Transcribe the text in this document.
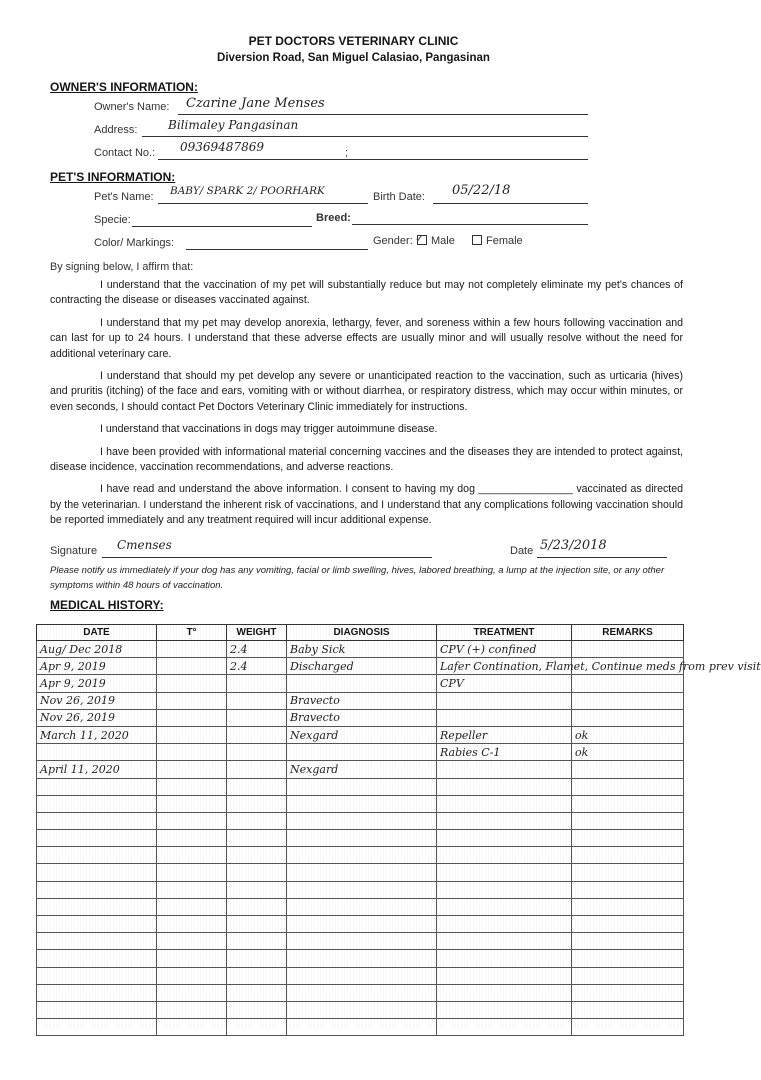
PET DOCTORS VETERINARY CLINIC
Diversion Road, San Miguel Calasiao, Pangasinan
OWNER'S INFORMATION:
Owner's Name: Czarine Jane Menses
Address:	Bilimaley Pangasinan
Contact No.: 09369487869	;
PET'S INFORMATION:
Pet's Name: BABY/ SPARK 2/ POORHARK	Birth Date: 05/22/18
Specie:	Breed:
Color/ Markings:	Gender: ✓ Male	Female
By signing below, I affirm that:

I understand that the vaccination of my pet will substantially reduce but may not completely eliminate my pet's chances of contracting the disease or diseases vaccinated against.

I understand that my pet may develop anorexia, lethargy, fever, and soreness within a few hours following vaccination and can last for up to 24 hours. I understand that these adverse effects are usually minor and will usually resolve without the need for additional veterinary care.

I understand that should my pet develop any severe or unanticipated reaction to the vaccination, such as urticaria (hives) and pruritis (itching) of the face and ears, vomiting with or without diarrhea, or respiratory distress, which may occur within minutes, or even seconds, I should contact Pet Doctors Veterinary Clinic immediately for instructions.

I understand that vaccinations in dogs may trigger autoimmune disease.

I have been provided with informational material concerning vaccines and the diseases they are intended to protect against, disease incidence, vaccination recommendations, and adverse reactions.

I have read and understand the above information. I consent to having my dog ________________ vaccinated as directed by the veterinarian. I understand the inherent risk of vaccinations, and I understand that any complications following vaccination should be reported immediately and any treatment required will incur additional expense.

Signature Cmenses	Date 5/23/2018
Please notify us immediately if your dog has any vomiting, facial or limb swelling, hives, labored breathing, a lump at the injection site, or any other symptoms within 48 hours of vaccination.
MEDICAL HISTORY:
DATE	T°	WEIGHT	DIAGNOSIS	TREATMENT	REMARKS
Aug/ Dec 2018		2.4	Baby Sick	CPV (+) confined	
Apr 9, 2019		2.4	Discharged	Lafer Contination, Flamet, Continue meds from prev visit	
Apr 9, 2019				CPV	
Nov 26, 2019			Bravecto		
Nov 26, 2019			Bravecto		
March 11, 2020			Nexgard	Repeller	ok
				Rabies C-1	ok
April 11, 2020			Nexgard		
